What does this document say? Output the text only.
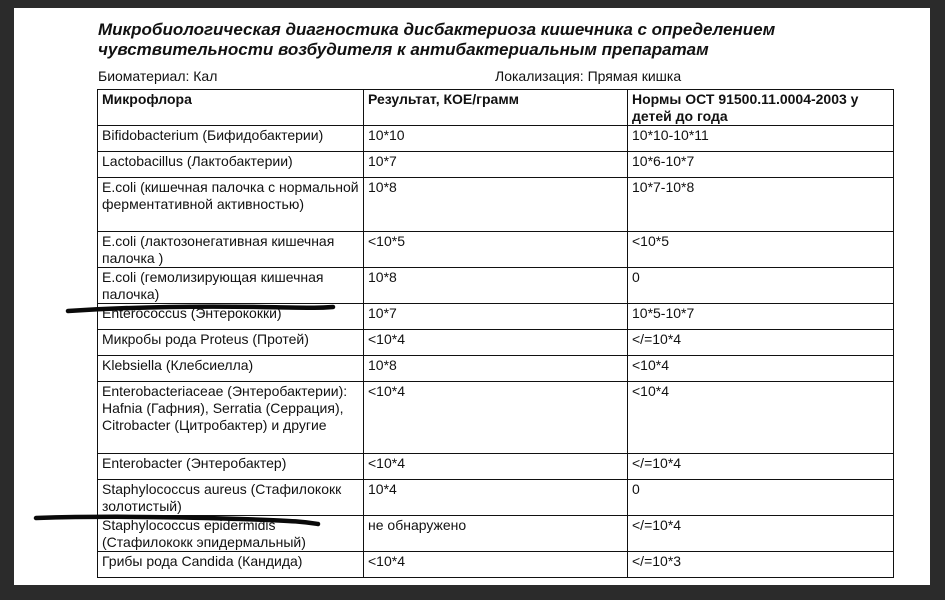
Микробиологическая диагностика дисбактериоза кишечника с определением чувствительности возбудителя к антибактериальным препаратам
Биоматериал: Кал	Локализация: Прямая кишка
Микрофлора	Результат, КОЕ/грамм	Нормы ОСТ 91500.11.0004-2003 у детей до года
Bifidobacterium (Бифидобактерии)	10*10	10*10-10*11
Lactobacillus (Лактобактерии)	10*7	10*6-10*7
E.coli (кишечная палочка с нормальной ферментативной активностью)	10*8	10*7-10*8
E.coli (лактозонегативная кишечная палочка )	<10*5	<10*5
E.coli (гемолизирующая кишечная палочка)	10*8	0
Enterococcus (Энтерококки)	10*7	10*5-10*7
Микробы рода Proteus (Протей)	<10*4	</=10*4
Klebsiella (Клебсиелла)	10*8	<10*4
Enterobacteriaceae (Энтеробактерии): Hafnia (Гафния), Serratia (Серрация), Citrobacter (Цитробактер) и другие	<10*4	<10*4
Enterobacter (Энтеробактер)	<10*4	</=10*4
Staphylococcus aureus (Стафилококк золотистый)	10*4	0
Staphylococcus epidermidis (Стафилококк эпидермальный)	не обнаружено	</=10*4
Грибы рода Candida (Кандида)	<10*4	</=10*3
